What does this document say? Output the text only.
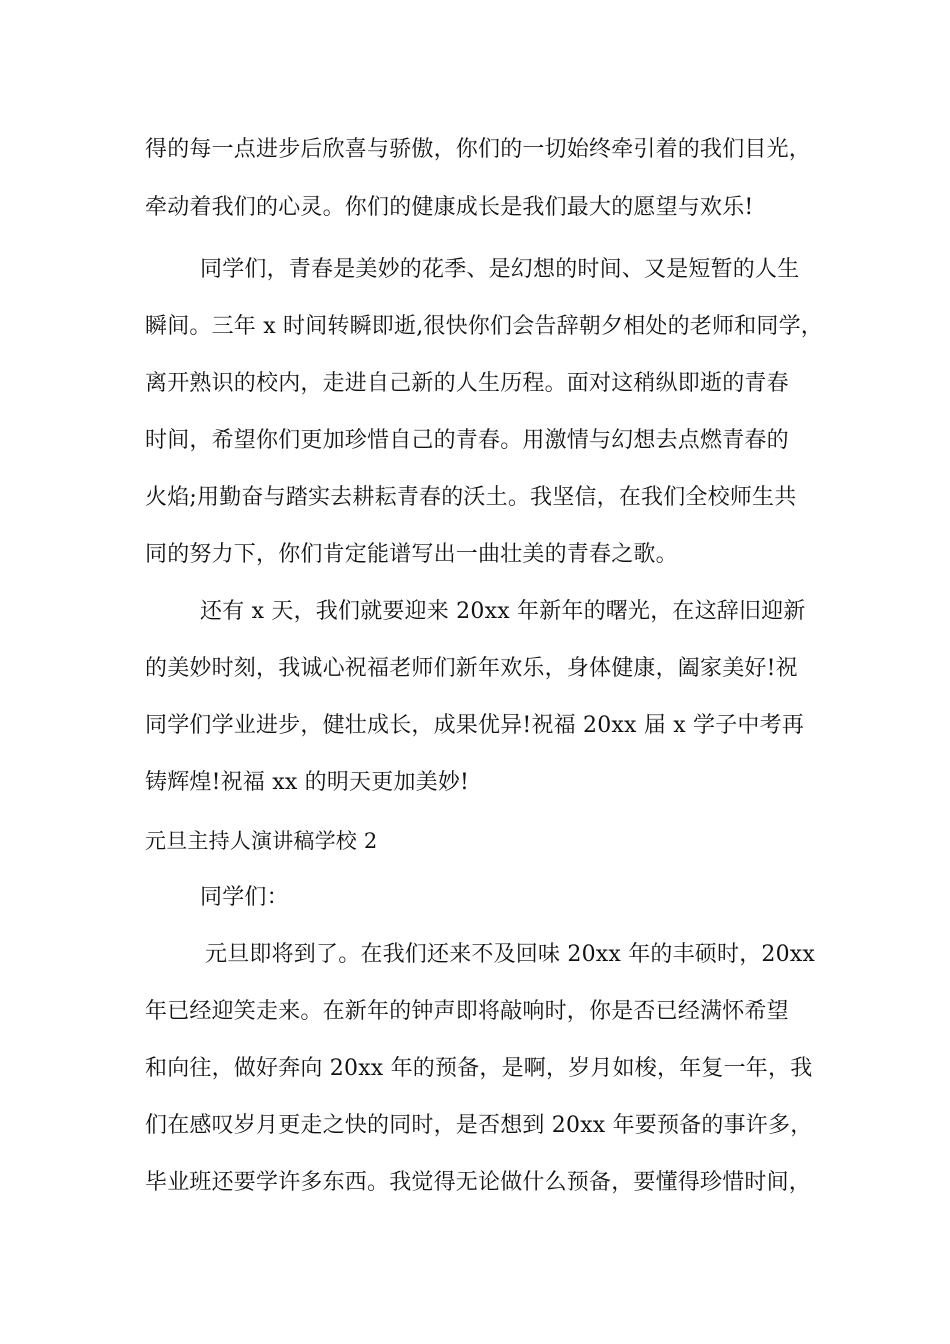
得的每一点进步后欣喜与骄傲，你们的一切始终牵引着的我们目光，
牵动着我们的心灵。你们的健康成长是我们最大的愿望与欢乐!
同学们，青春是美妙的花季、是幻想的时间、又是短暂的人生
瞬间。三年 x 时间转瞬即逝,很快你们会告辞朝夕相处的老师和同学，
离开熟识的校内，走进自己新的人生历程。面对这稍纵即逝的青春
时间，希望你们更加珍惜自己的青春。用激情与幻想去点燃青春的
火焰;用勤奋与踏实去耕耘青春的沃土。我坚信，在我们全校师生共
同的努力下，你们肯定能谱写出一曲壮美的青春之歌。
还有 x 天，我们就要迎来 20xx 年新年的曙光，在这辞旧迎新
的美妙时刻，我诚心祝福老师们新年欢乐，身体健康，阖家美好!祝
同学们学业进步，健壮成长，成果优异!祝福 20xx 届 x 学子中考再
铸辉煌!祝福 xx 的明天更加美妙!
元旦主持人演讲稿学校 2
同学们：
元旦即将到了。在我们还来不及回味 20xx 年的丰硕时，20xx
年已经迎笑走来。在新年的钟声即将敲响时，你是否已经满怀希望
和向往，做好奔向 20xx 年的预备，是啊，岁月如梭，年复一年，我
们在感叹岁月更走之快的同时，是否想到 20xx 年要预备的事许多，
毕业班还要学许多东西。我觉得无论做什么预备，要懂得珍惜时间，
